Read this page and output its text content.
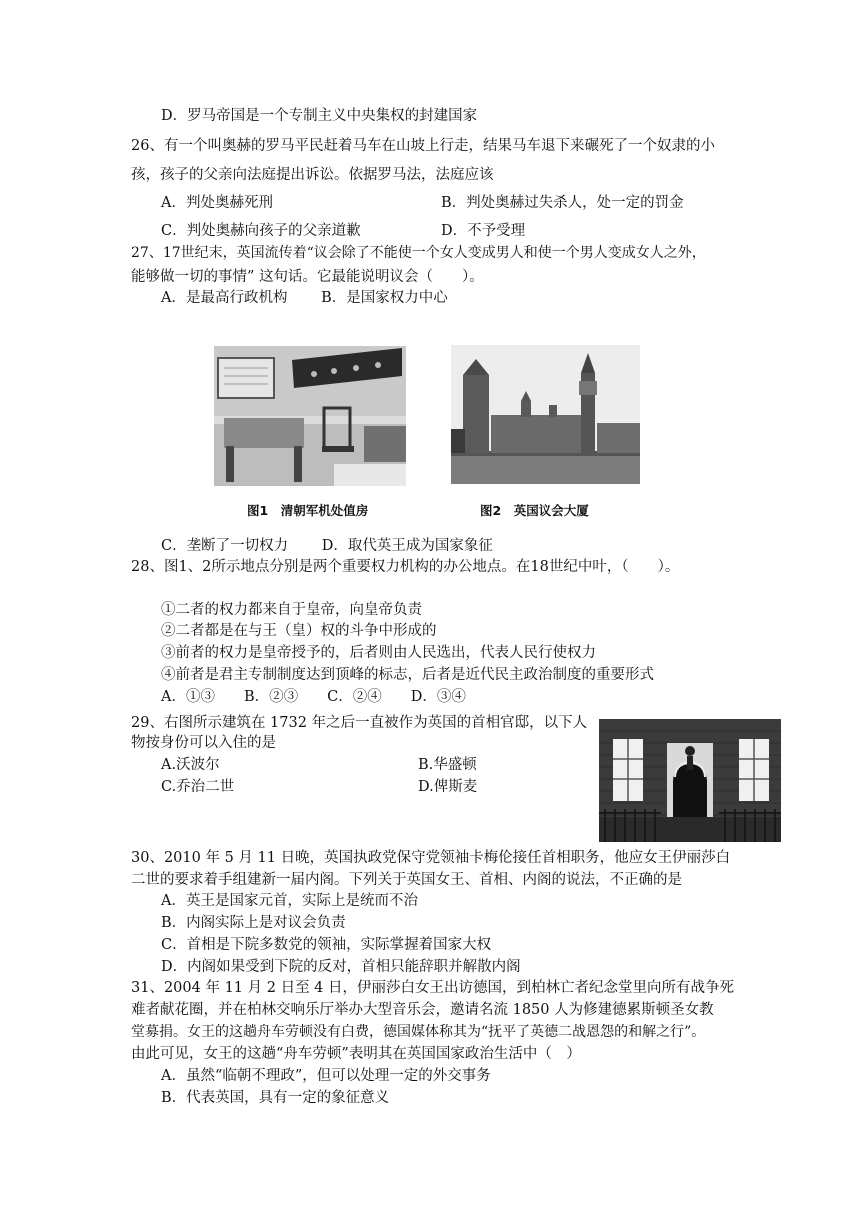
D．罗马帝国是一个专制主义中央集权的封建国家
26、有一个叫奥赫的罗马平民赶着马车在山坡上行走，结果马车退下来碾死了一个奴隶的小
孩，孩子的父亲向法庭提出诉讼。依据罗马法，法庭应该
A．判处奥赫死刑	B．判处奥赫过失杀人，处一定的罚金
C．判处奥赫向孩子的父亲道歉	D．不予受理
27、17世纪末，英国流传着“议会除了不能使一个女人变成男人和使一个男人变成女人之外，
能够做一切的事情” 这句话。它最能说明议会（　　）。
A．是最高行政机构　　 B．是国家权力中心
图1　清朝军机处值房	图2　英国议会大厦
C．垄断了一切权力　　 D．取代英王成为国家象征
28、图1、2所示地点分别是两个重要权力机构的办公地点。在18世纪中叶，（　　）。
①二者的权力都来自于皇帝，向皇帝负责
②二者都是在与王（皇）权的斗争中形成的
③前者的权力是皇帝授予的，后者则由人民选出，代表人民行使权力
④前者是君主专制制度达到顶峰的标志，后者是近代民主政治制度的重要形式
A．①③　　B．②③　　C．②④　　D．③④
29、右图所示建筑在 1732 年之后一直被作为英国的首相官邸，以下人
物按身份可以入住的是
A.沃波尔	B.华盛顿
C.乔治二世	D.俾斯麦
30、2010 年 5 月 11 日晚，英国执政党保守党领袖卡梅伦接任首相职务，他应女王伊丽莎白
二世的要求着手组建新一届内阁。下列关于英国女王、首相、内阁的说法，不正确的是
A．英王是国家元首，实际上是统而不治
B．内阁实际上是对议会负责
C．首相是下院多数党的领袖，实际掌握着国家大权
D．内阁如果受到下院的反对，首相只能辞职并解散内阁
31、2004 年 11 月 2 日至 4 日，伊丽莎白女王出访德国，到柏林亡者纪念堂里向所有战争死
难者献花圈，并在柏林交响乐厅举办大型音乐会，邀请名流 1850 人为修建德累斯顿圣女教
堂募捐。女王的这趟舟车劳顿没有白费，德国媒体称其为“抚平了英德二战恩怨的和解之行”。
由此可见，女王的这趟“舟车劳顿”表明其在英国国家政治生活中（　）
A．虽然“临朝不理政”，但可以处理一定的外交事务
B．代表英国，具有一定的象征意义
